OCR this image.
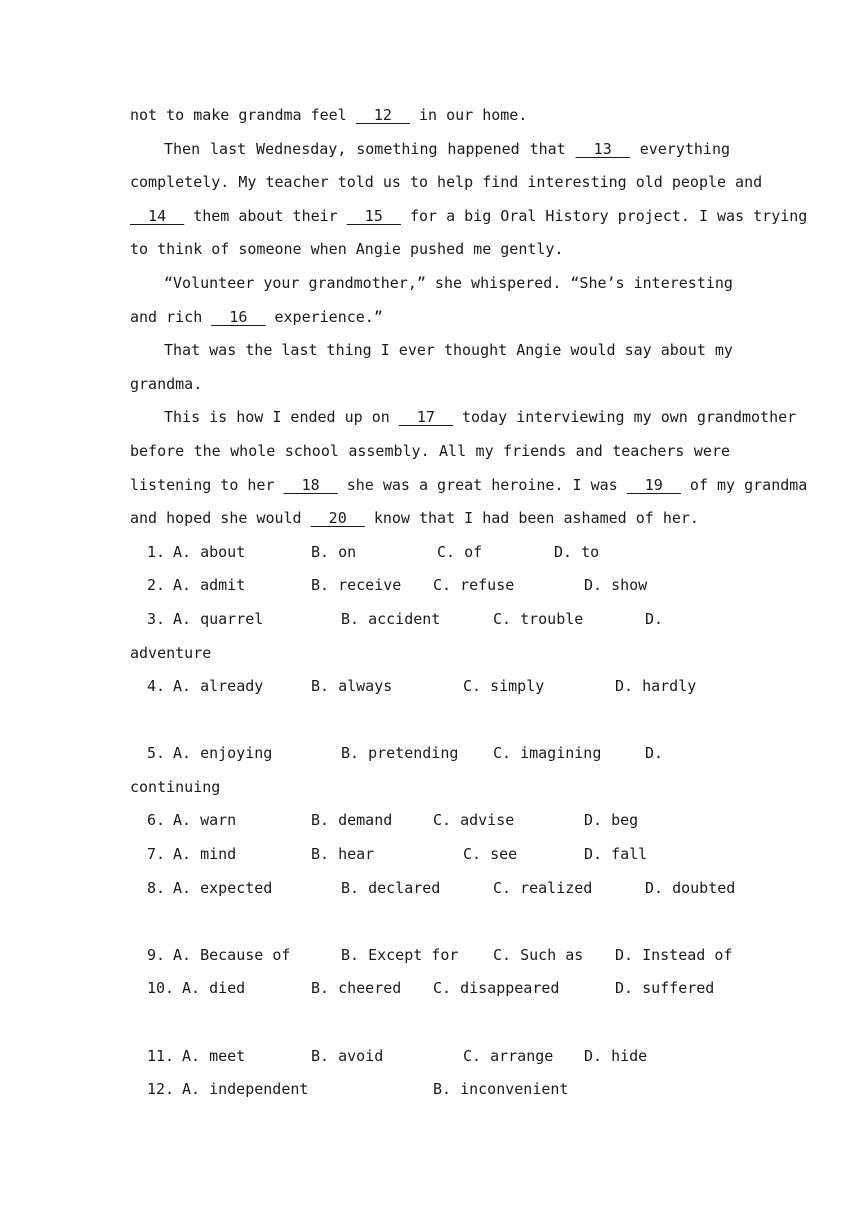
not to make grandma feel   12   in our home.
Then last Wednesday, something happened that   13   everything
completely. My teacher told us to help find interesting old people and
14   them about their   15   for a big Oral History project. I was trying
to think of someone when Angie pushed me gently.
“Volunteer your grandmother,” she whispered. “She’s interesting
and rich   16   experience.”
That was the last thing I ever thought Angie would say about my
grandma.
This is how I ended up on   17   today interviewing my own grandmother
before the whole school assembly. All my friends and teachers were
listening to her   18   she was a great heroine. I was   19   of my grandma
and hoped she would   20   know that I had been ashamed of her.
1. A. about	B. on	C. of	D. to
2. A. admit	B. receive C. refuse	D. show
3. A. quarrel	B. accident	C. trouble	D.
adventure
4. A. already	B. always	C. simply	D. hardly
5. A. enjoying	B. pretending C. imagining	D.
continuing
6. A. warn	B. demand	C. advise	D. beg
7. A. mind	B. hear	C. see	D. fall
8. A. expected	B. declared	C. realized	D. doubted
9. A. Because of	B. Except for C. Such as D. Instead of
10. A. died	B. cheered C. disappeared	D. suffered
11. A. meet	B. avoid	C. arrange D. hide
12. A. independent	B. inconvenient
